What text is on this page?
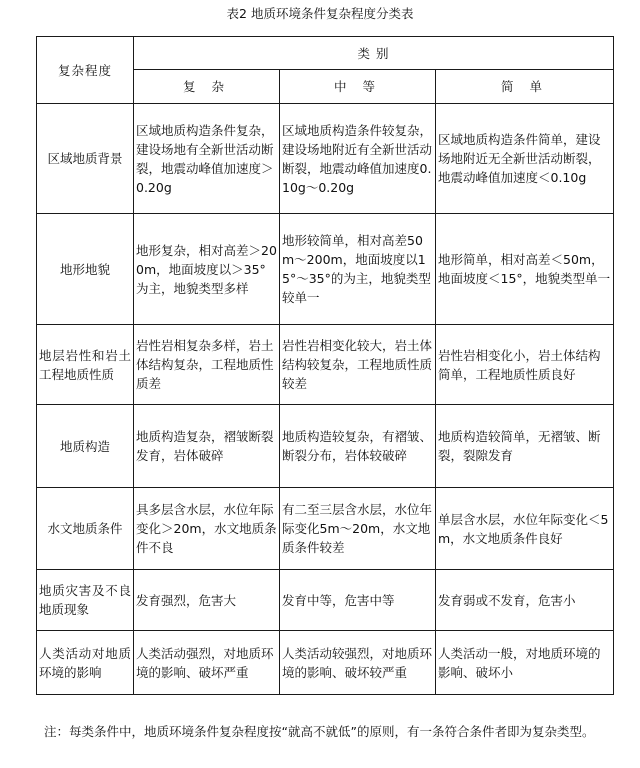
表2 地质环境条件复杂程度分类表
复杂程度	类 别		
	复 杂	中 等	简 单
区域地质背景	区域地质构造条件复杂，建设场地有全新世活动断裂，地震动峰值加速度＞0.20g	区域地质构造条件较复杂，建设场地附近有全新世活动断裂，地震动峰值加速度0.10g～0.20g	区域地质构造条件简单，建设场地附近无全新世活动断裂，地震动峰值加速度＜0.10g
地形地貌	地形复杂，相对高差＞200m，地面坡度以＞35°为主，地貌类型多样	地形较简单，相对高差50m～200m，地面坡度以15°～35°的为主，地貌类型较单一	地形简单，相对高差＜50m，地面坡度＜15°，地貌类型单一
地层岩性和岩土工程地质性质	岩性岩相复杂多样，岩土体结构复杂，工程地质性质差	岩性岩相变化较大，岩土体结构较复杂，工程地质性质较差	岩性岩相变化小，岩土体结构简单，工程地质性质良好
地质构造	地质构造复杂，褶皱断裂发育，岩体破碎	地质构造较复杂，有褶皱、断裂分布，岩体较破碎	地质构造较简单，无褶皱、断裂，裂隙发育
水文地质条件	具多层含水层，水位年际变化＞20m，水文地质条件不良	有二至三层含水层，水位年际变化5m～20m，水文地质条件较差	单层含水层，水位年际变化＜5m，水文地质条件良好
地质灾害及不良地质现象	发育强烈，危害大	发育中等，危害中等	发育弱或不发育，危害小
人类活动对地质环境的影响	人类活动强烈，对地质环境的影响、破坏严重	人类活动较强烈，对地质环境的影响、破坏较严重	人类活动一般，对地质环境的影响、破坏小
注：每类条件中，地质环境条件复杂程度按“就高不就低”的原则，有一条符合条件者即为复杂类型。
